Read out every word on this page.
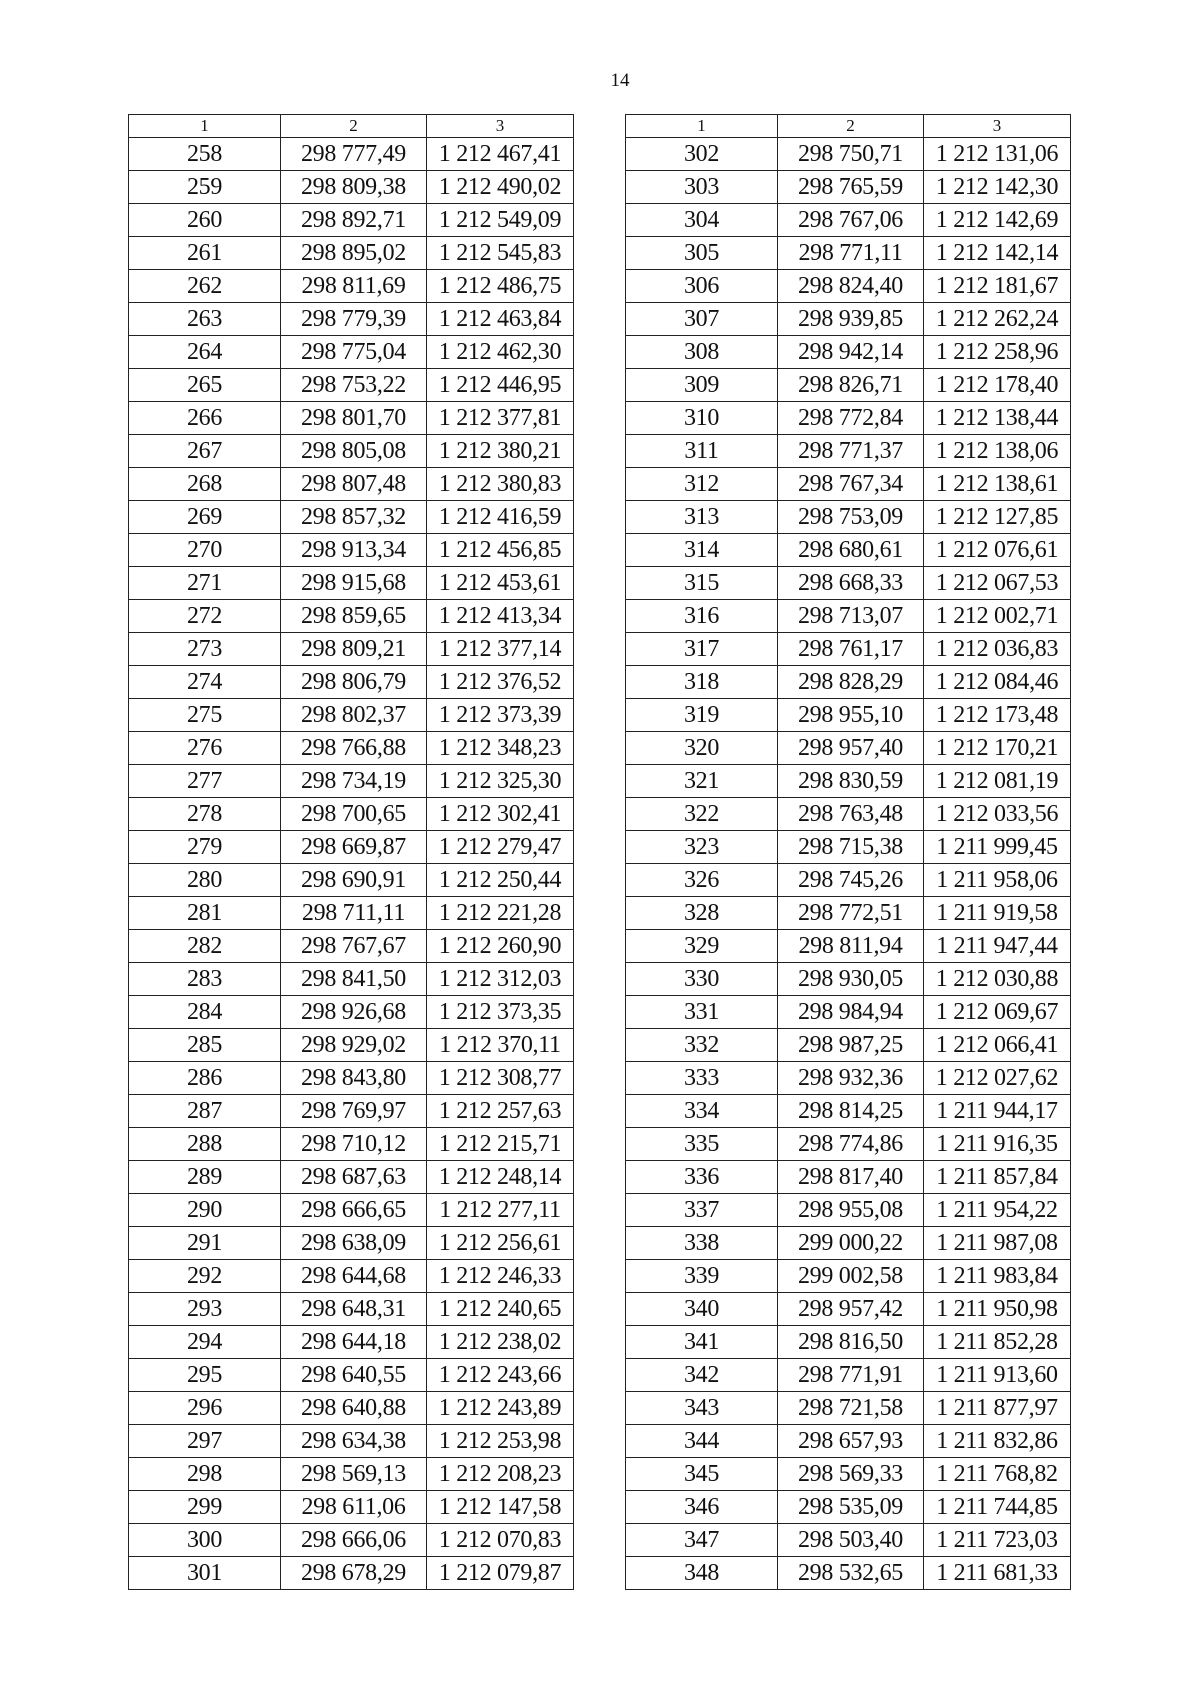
14
1	2	3
258	298 777,49	1 212 467,41
259	298 809,38	1 212 490,02
260	298 892,71	1 212 549,09
261	298 895,02	1 212 545,83
262	298 811,69	1 212 486,75
263	298 779,39	1 212 463,84
264	298 775,04	1 212 462,30
265	298 753,22	1 212 446,95
266	298 801,70	1 212 377,81
267	298 805,08	1 212 380,21
268	298 807,48	1 212 380,83
269	298 857,32	1 212 416,59
270	298 913,34	1 212 456,85
271	298 915,68	1 212 453,61
272	298 859,65	1 212 413,34
273	298 809,21	1 212 377,14
274	298 806,79	1 212 376,52
275	298 802,37	1 212 373,39
276	298 766,88	1 212 348,23
277	298 734,19	1 212 325,30
278	298 700,65	1 212 302,41
279	298 669,87	1 212 279,47
280	298 690,91	1 212 250,44
281	298 711,11	1 212 221,28
282	298 767,67	1 212 260,90
283	298 841,50	1 212 312,03
284	298 926,68	1 212 373,35
285	298 929,02	1 212 370,11
286	298 843,80	1 212 308,77
287	298 769,97	1 212 257,63
288	298 710,12	1 212 215,71
289	298 687,63	1 212 248,14
290	298 666,65	1 212 277,11
291	298 638,09	1 212 256,61
292	298 644,68	1 212 246,33
293	298 648,31	1 212 240,65
294	298 644,18	1 212 238,02
295	298 640,55	1 212 243,66
296	298 640,88	1 212 243,89
297	298 634,38	1 212 253,98
298	298 569,13	1 212 208,23
299	298 611,06	1 212 147,58
300	298 666,06	1 212 070,83
301	298 678,29	1 212 079,87
1	2	3
302	298 750,71	1 212 131,06
303	298 765,59	1 212 142,30
304	298 767,06	1 212 142,69
305	298 771,11	1 212 142,14
306	298 824,40	1 212 181,67
307	298 939,85	1 212 262,24
308	298 942,14	1 212 258,96
309	298 826,71	1 212 178,40
310	298 772,84	1 212 138,44
311	298 771,37	1 212 138,06
312	298 767,34	1 212 138,61
313	298 753,09	1 212 127,85
314	298 680,61	1 212 076,61
315	298 668,33	1 212 067,53
316	298 713,07	1 212 002,71
317	298 761,17	1 212 036,83
318	298 828,29	1 212 084,46
319	298 955,10	1 212 173,48
320	298 957,40	1 212 170,21
321	298 830,59	1 212 081,19
322	298 763,48	1 212 033,56
323	298 715,38	1 211 999,45
326	298 745,26	1 211 958,06
328	298 772,51	1 211 919,58
329	298 811,94	1 211 947,44
330	298 930,05	1 212 030,88
331	298 984,94	1 212 069,67
332	298 987,25	1 212 066,41
333	298 932,36	1 212 027,62
334	298 814,25	1 211 944,17
335	298 774,86	1 211 916,35
336	298 817,40	1 211 857,84
337	298 955,08	1 211 954,22
338	299 000,22	1 211 987,08
339	299 002,58	1 211 983,84
340	298 957,42	1 211 950,98
341	298 816,50	1 211 852,28
342	298 771,91	1 211 913,60
343	298 721,58	1 211 877,97
344	298 657,93	1 211 832,86
345	298 569,33	1 211 768,82
346	298 535,09	1 211 744,85
347	298 503,40	1 211 723,03
348	298 532,65	1 211 681,33
